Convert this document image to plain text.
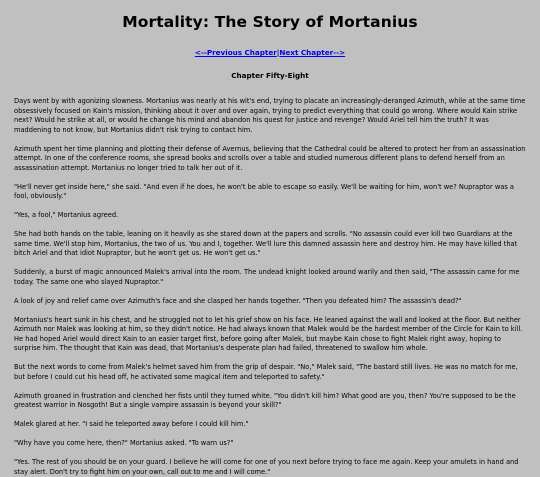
Mortality: The Story of Mortanius
<--Previous Chapter|Next Chapter-->
Chapter Fifty-Eight

Days went by with agonizing slowness. Mortanius was nearly at his wit's end, trying to placate an increasingly-deranged Azimuth, while at the same time obsessively focused on Kain's mission, thinking about it over and over again, trying to predict everything that could go wrong. Where would Kain strike next? Would he strike at all, or would he change his mind and abandon his quest for justice and revenge? Would Ariel tell him the truth? It was maddening to not know, but Mortanius didn't risk trying to contact him.

Azimuth spent her time planning and plotting their defense of Avernus, believing that the Cathedral could be altered to protect her from an assassination attempt. In one of the conference rooms, she spread books and scrolls over a table and studied numerous different plans to defend herself from an assassination attempt. Mortanius no longer tried to talk her out of it.

"He'll never get inside here," she said. "And even if he does, he won't be able to escape so easily. We'll be waiting for him, won't we? Nupraptor was a fool, obviously."

"Yes, a fool," Mortanius agreed.

She had both hands on the table, leaning on it heavily as she stared down at the papers and scrolls. "No assassin could ever kill two Guardians at the same time. We'll stop him, Mortanius, the two of us. You and I, together. We'll lure this damned assassin here and destroy him. He may have killed that bitch Ariel and that idiot Nupraptor, but he won't get us. He won't get us."

Suddenly, a burst of magic announced Malek's arrival into the room. The undead knight looked around warily and then said, "The assassin came for me today. The same one who slayed Nupraptor."

A look of joy and relief came over Azimuth's face and she clasped her hands together. "Then you defeated him? The assassin's dead?"

Mortanius's heart sunk in his chest, and he struggled not to let his grief show on his face. He leaned against the wall and looked at the floor. But neither Azimuth nor Malek was looking at him, so they didn't notice. He had always known that Malek would be the hardest member of the Circle for Kain to kill. He had hoped Ariel would direct Kain to an easier target first, before going after Malek, but maybe Kain chose to fight Malek right away, hoping to surprise him. The thought that Kain was dead, that Mortanius's desperate plan had failed, threatened to swallow him whole.

But the next words to come from Malek's helmet saved him from the grip of despair. "No," Malek said, "The bastard still lives. He was no match for me, but before I could cut his head off, he activated some magical item and teleported to safety."

Azimuth groaned in frustration and clenched her fists until they turned white. "You didn't kill him? What good are you, then? You're supposed to be the greatest warrior in Nosgoth! But a single vampire assassin is beyond your skill?"

Malek glared at her. "I said he teleported away before I could kill him."

"Why have you come here, then?" Mortanius asked. "To warn us?"

"Yes. The rest of you should be on your guard. I believe he will come for one of you next before trying to face me again. Keep your amulets in hand and stay alert. Don't try to fight him on your own, call out to me and I will come."
